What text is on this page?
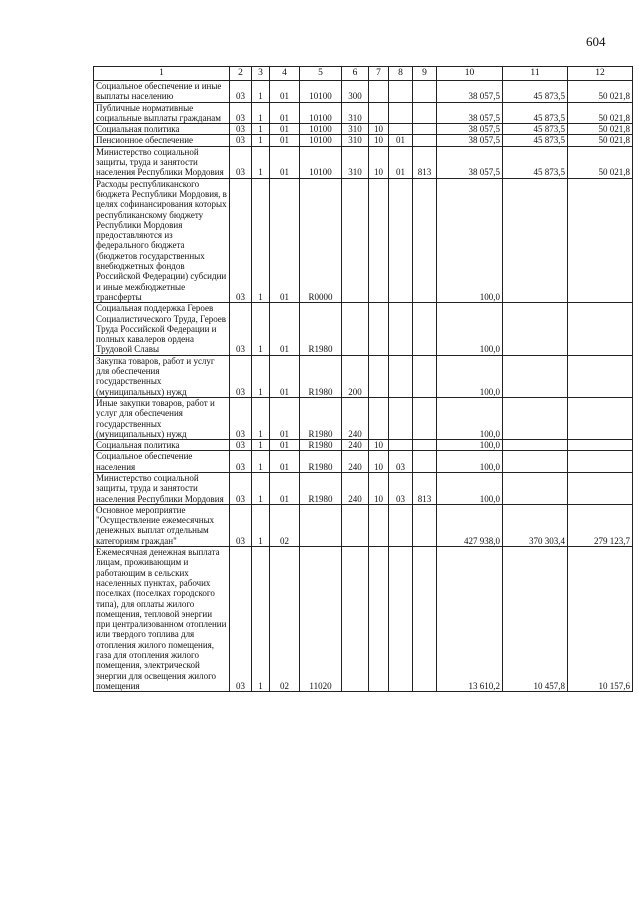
604
1	2	3	4	5	6	7	8	9	10	11	12
Социальное обеспечение и иные выплаты населению	03	1	01	10100	300				38 057,5	45 873,5	50 021,8
Публичные нормативные социальные выплаты гражданам	03	1	01	10100	310				38 057,5	45 873,5	50 021,8
Социальная политика	03	1	01	10100	310	10			38 057,5	45 873,5	50 021,8
Пенсионное обеспечение	03	1	01	10100	310	10	01		38 057,5	45 873,5	50 021,8
Министерство социальной защиты, труда и занятости населения Республики Мордовия	03	1	01	10100	310	10	01	813	38 057,5	45 873,5	50 021,8
Расходы республиканского бюджета Республики Мордовия, в целях софинансирования которых республиканскому бюджету Республики Мордовия предоставляются из федерального бюджета (бюджетов государственных внебюджетных фондов Российской Федерации) субсидии и иные межбюджетные трансферты	03	1	01	R0000					100,0		
Социальная поддержка Героев Социалистического Труда, Героев Труда Российской Федерации и полных кавалеров ордена Трудовой Славы	03	1	01	R1980					100,0		
Закупка товаров, работ и услуг для обеспечения государственных (муниципальных) нужд	03	1	01	R1980	200				100,0		
Иные закупки товаров, работ и услуг для обеспечения государственных (муниципальных) нужд	03	1	01	R1980	240				100,0		
Социальная политика	03	1	01	R1980	240	10			100,0		
Социальное обеспечение населения	03	1	01	R1980	240	10	03		100,0		
Министерство социальной защиты, труда и занятости населения Республики Мордовия	03	1	01	R1980	240	10	03	813	100,0		
Основное мероприятие "Осуществление ежемесячных денежных выплат отдельным категориям граждан"	03	1	02						427 938,0	370 303,4	279 123,7
Ежемесячная денежная выплата лицам, проживающим и работающим в сельских населенных пунктах, рабочих поселках (поселках городского типа), для оплаты жилого помещения, тепловой энергии при централизованном отоплении или твердого топлива для отопления жилого помещения, газа для отопления жилого помещения, электрической энергии для освещения жилого помещения	03	1	02	11020					13 610,2	10 457,8	10 157,6
